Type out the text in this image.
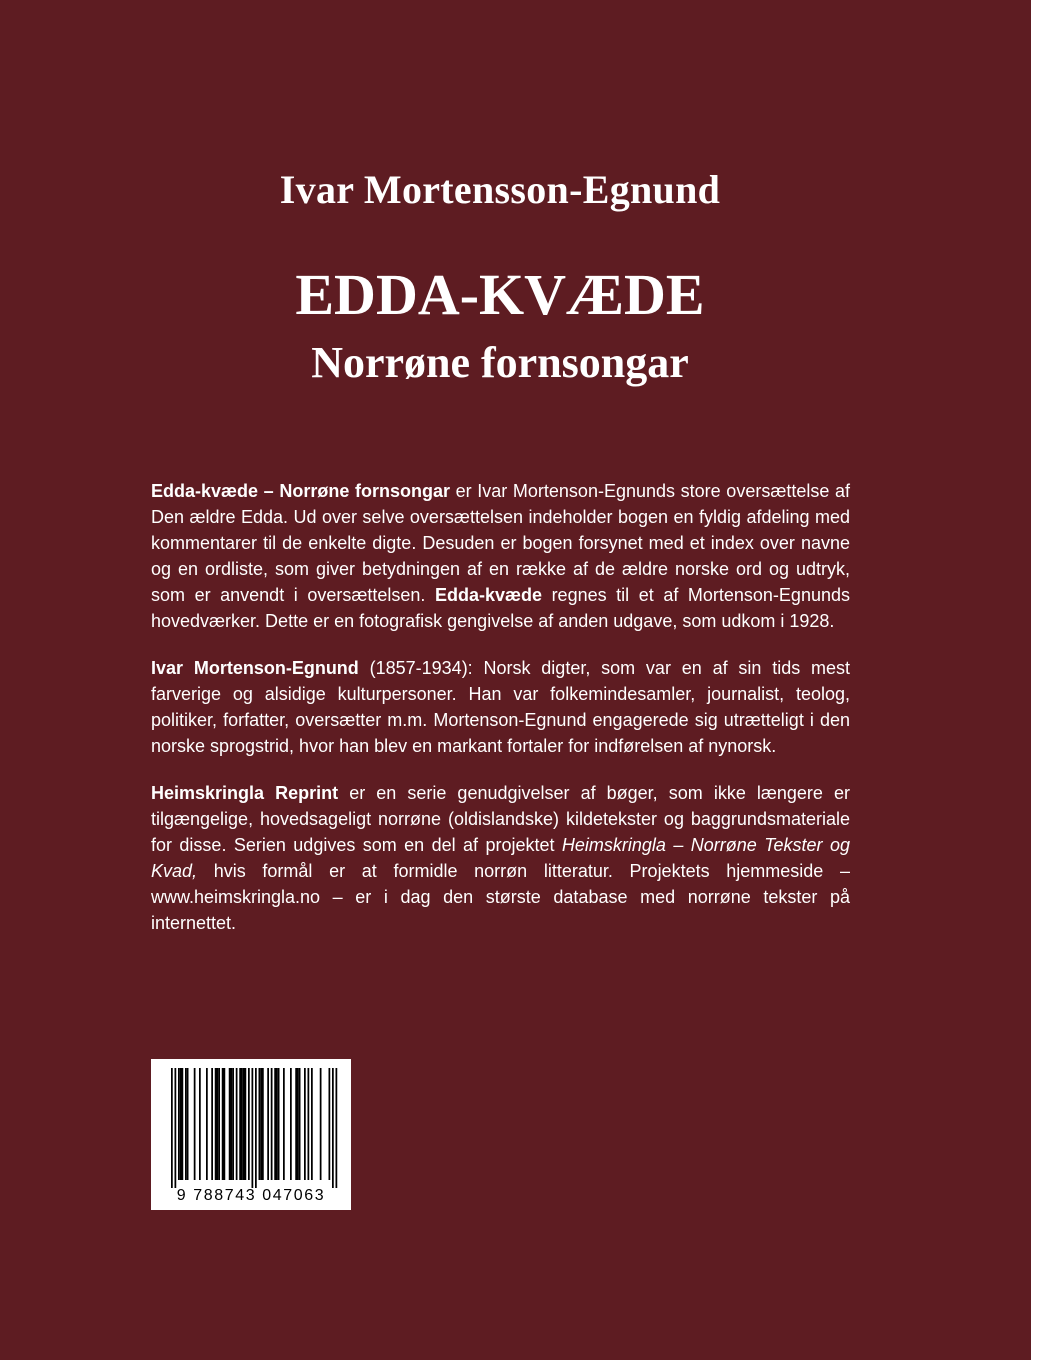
Ivar Mortensson-Egnund
EDDA-KVÆDE
Norrøne fornsongar

Edda-kvæde – Norrøne fornsongar er Ivar Mortenson-Egnunds store oversættelse af Den ældre Edda. Ud over selve oversættelsen indeholder bogen en fyldig afdeling med kommentarer til de enkelte digte. Desuden er bogen forsynet med et index over navne og en ordliste, som giver betydningen af en række af de ældre norske ord og udtryk, som er anvendt i oversættelsen. Edda-kvæde regnes til et af Mortenson-Egnunds hovedværker. Dette er en fotografisk gengivelse af anden udgave, som udkom i 1928.

Ivar Mortenson-Egnund (1857-1934): Norsk digter, som var en af sin tids mest farverige og alsidige kulturpersoner. Han var folkemindesamler, journalist, teolog, politiker, forfatter, oversætter m.m. Mortenson-Egnund engagerede sig utrætteligt i den norske sprogstrid, hvor han blev en markant fortaler for indførelsen af nynorsk.

Heimskringla Reprint er en serie genudgivelser af bøger, som ikke længere er tilgængelige, hovedsageligt norrøne (oldislandske) kildetekster og baggrundsmateriale for disse. Serien udgives som en del af projektet Heimskringla – Norrøne Tekster og Kvad, hvis formål er at formidle norrøn litteratur. Projektets hjemmeside – www.heimskringla.no – er i dag den største database med norrøne tekster på internettet.

9 788743 047063
